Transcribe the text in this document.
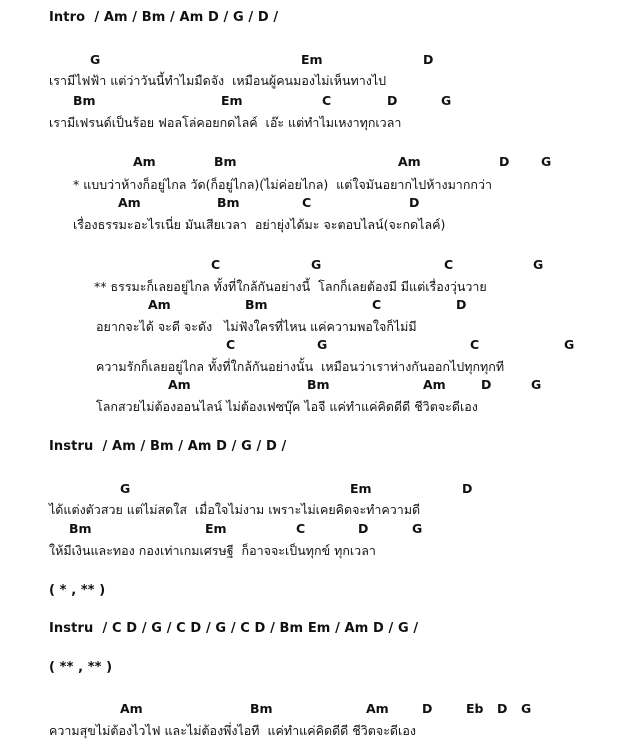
Intro  / Am / Bm / Am D / G / D /
G	Em	D
เรามีไฟฟ้า แต่ว่าวันนี้ทำไมมืดจัง  เหมือนผู้คนมองไม่เห็นทางไป
Bm	Em	C	D	G
เรามีเฟรนด์เป็นร้อย ฟอลโล่คอยกดไลค์  เอ๊ะ แต่ทำไมเหงาทุกเวลา
Am	Bm	Am	D	G
* แบบว่าห้างก็อยู่ไกล วัด(ก็อยู่ไกล)(ไม่ค่อยไกล)  แต่ใจมันอยากไปห้างมากกว่า
Am	Bm	C	D
เรื่องธรรมะอะไรเนี่ย มันเสียเวลา  อย่ายุ่งได้มะ จะตอบไลน์(จะกดไลค์)
C	G	C	G
** ธรรมะก็เลยอยู่ไกล ทั้งที่ใกล้กันอย่างนี้  โลกก็เลยต้องมี มีแต่เรื่องวุ่นวาย
Am	Bm	C	D
อยากจะได้ จะดี จะดัง   ไม่ฟังใครที่ไหน แค่ความพอใจก็ไม่มี
C	G	C	G
ความรักก็เลยอยู่ไกล ทั้งที่ใกล้กันอย่างนั้น  เหมือนว่าเราห่างกันออกไปทุกทุกที
Am	Bm	Am	D	G
โลกสวยไม่ต้องออนไลน์ ไม่ต้องเฟซบุ๊ค ไอจี แค่ทำแค่คิดดีดี ชีวิตจะดีเอง
Instru  / Am / Bm / Am D / G / D /
G	Em	D
ได้แต่งตัวสวย แต่ไม่สดใส  เมื่อใจไม่งาม เพราะไม่เคยคิดจะทำความดี
Bm	Em	C	D	G
ให้มีเงินและทอง กองเท่าเกมเศรษฐี  ก็อาจจะเป็นทุกข์ ทุกเวลา
( * , ** )
Instru  / C D / G / C D / G / C D / Bm Em / Am D / G /
( ** , ** )
Am	Bm	Am	D	Eb D G
ความสุขไม่ต้องไวไฟ และไม่ต้องพึ่งไอที  แค่ทำแค่คิดดีดี ชีวิตจะดีเอง
